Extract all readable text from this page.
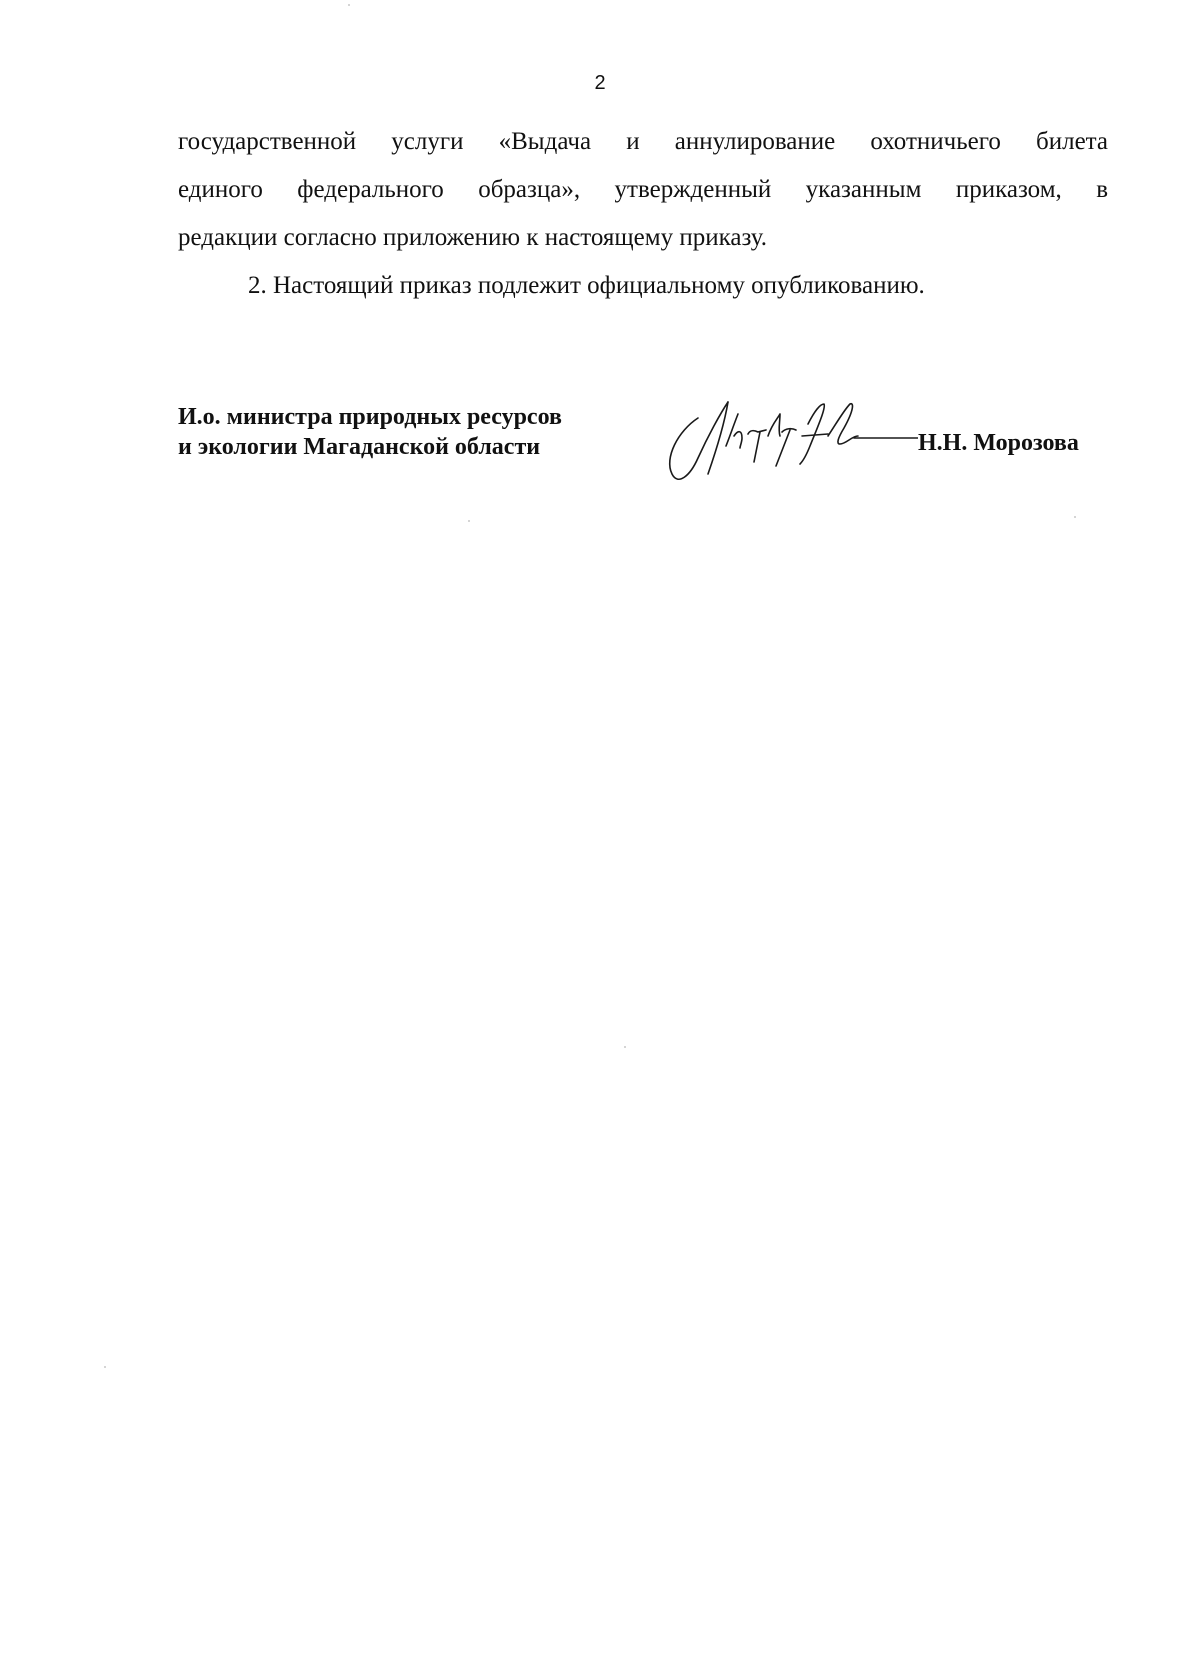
2

государственной услуги «Выдача и аннулирование охотничьего билета
единого федерального образца», утвержденный указанным приказом, в
редакции согласно приложению к настоящему приказу.

2. Настоящий приказ подлежит официальному опубликованию.

И.о. министра природных ресурсов
и экологии Магаданской области	Н.Н. Морозова
